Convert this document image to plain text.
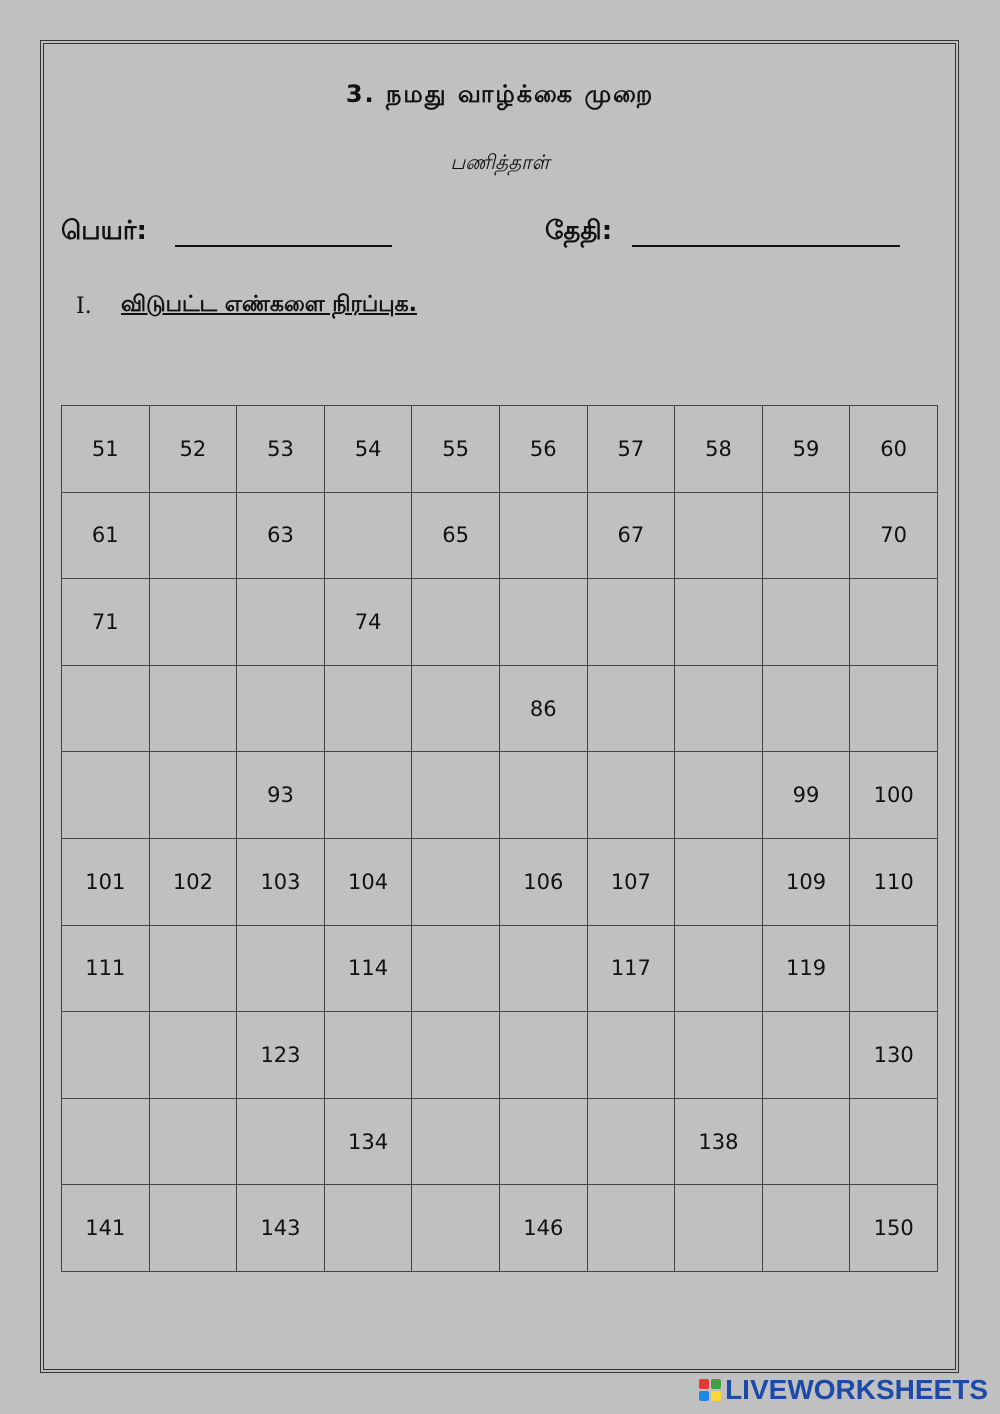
3. நமது வாழ்க்கை முறை
பணித்தாள்
பெயர்:	தேதி:
I. விடுபட்ட எண்களை நிரப்புக.
51	52	53	54	55	56	57	58	59	60
61		63		65		67			70
71			74						
					86				
		93						99	100
101	102	103	104		106	107		109	110
111			114			117		119	
		123							130
			134				138		
141		143			146				150
LIVEWORKSHEETS
